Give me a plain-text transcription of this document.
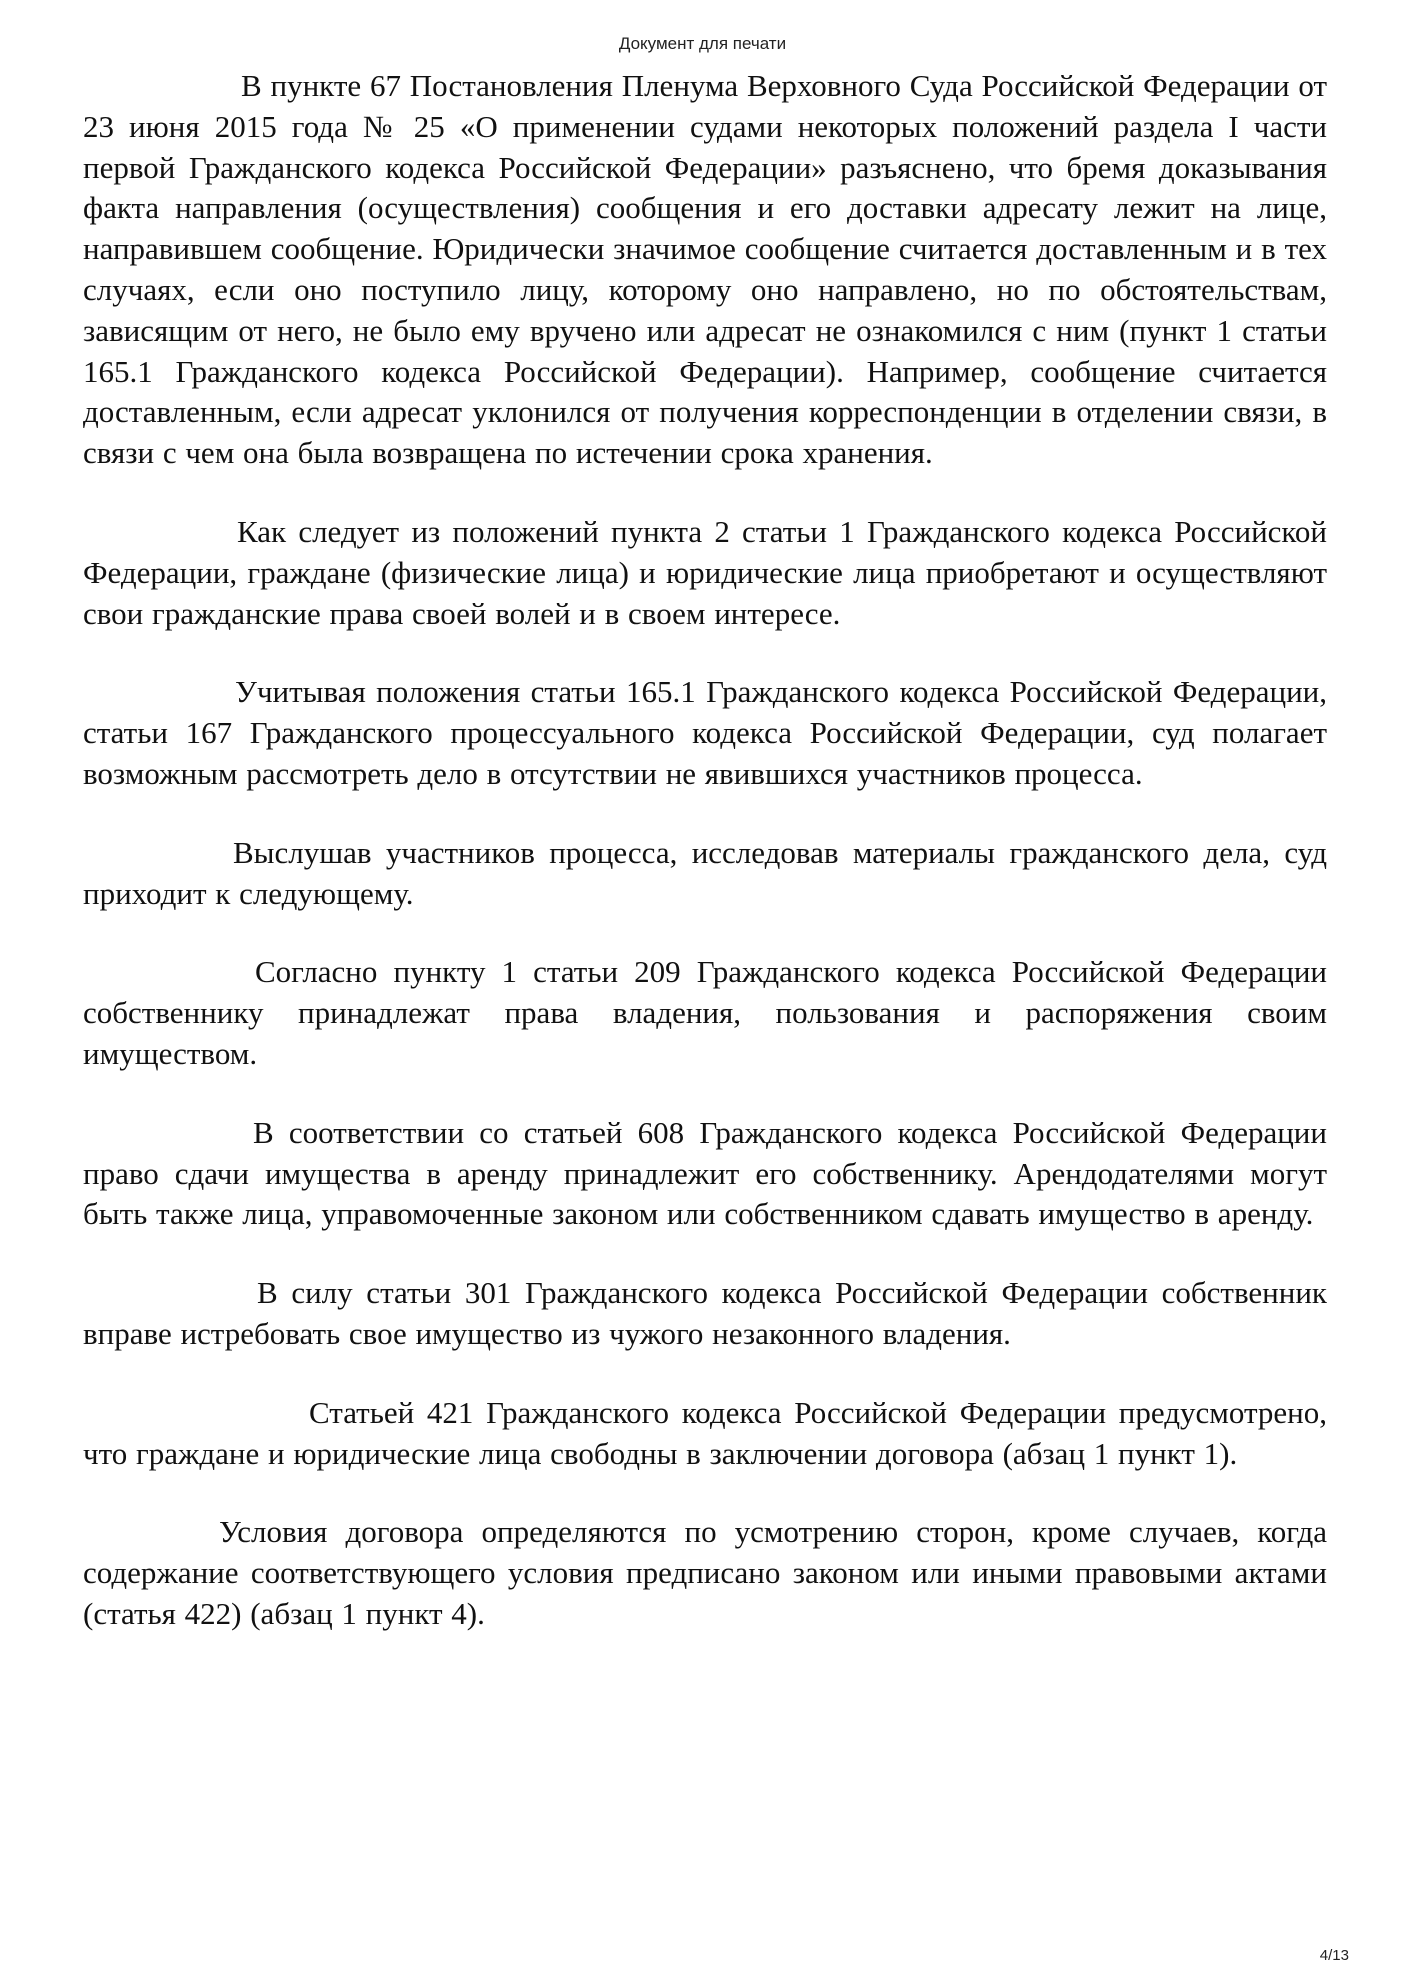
Документ для печати

В пункте 67 Постановления Пленума Верховного Суда Российской Федерации от 23 июня 2015 года № 25 «О применении судами некоторых положений раздела I части первой Гражданского кодекса Российской Федерации» разъяснено, что бремя доказывания факта направления (осуществления) сообщения и его доставки адресату лежит на лице, направившем сообщение. Юридически значимое сообщение считается доставленным и в тех случаях, если оно поступило лицу, которому оно направлено, но по обстоятельствам, зависящим от него, не было ему вручено или адресат не ознакомился с ним (пункт 1 статьи 165.1 Гражданского кодекса Российской Федерации). Например, сообщение считается доставленным, если адресат уклонился от получения корреспонденции в отделении связи, в связи с чем она была возвращена по истечении срока хранения.

Как следует из положений пункта 2 статьи 1 Гражданского кодекса Российской Федерации, граждане (физические лица) и юридические лица приобретают и осуществляют свои гражданские права своей волей и в своем интересе.

Учитывая положения статьи 165.1 Гражданского кодекса Российской Федерации, статьи 167 Гражданского процессуального кодекса Российской Федерации, суд полагает возможным рассмотреть дело в отсутствии не явившихся участников процесса.

Выслушав участников процесса, исследовав материалы гражданского дела, суд приходит к следующему.

Согласно пункту 1 статьи 209 Гражданского кодекса Российской Федерации собственнику принадлежат права владения, пользования и распоряжения своим имуществом.

В соответствии со статьей 608 Гражданского кодекса Российской Федерации право сдачи имущества в аренду принадлежит его собственнику. Арендодателями могут быть также лица, управомоченные законом или собственником сдавать имущество в аренду.

В силу статьи 301 Гражданского кодекса Российской Федерации собственник вправе истребовать свое имущество из чужого незаконного владения.

Статьей 421 Гражданского кодекса Российской Федерации предусмотрено, что граждане и юридические лица свободны в заключении договора (абзац 1 пункт 1).

Условия договора определяются по усмотрению сторон, кроме случаев, когда содержание соответствующего условия предписано законом или иными правовыми актами (статья 422) (абзац 1 пункт 4).

4/13
